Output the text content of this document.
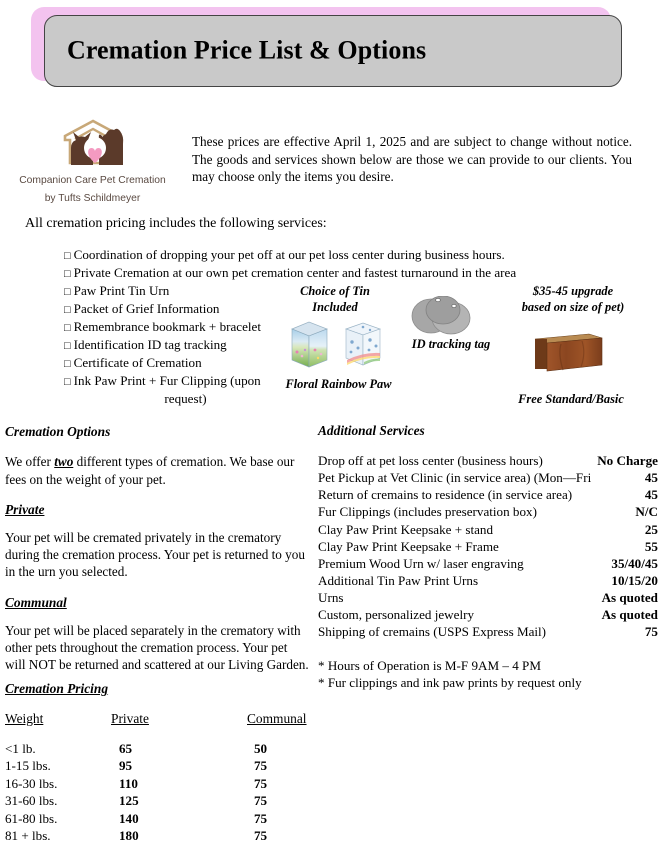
Cremation Price List & Options
Companion Care Pet Cremation
by Tufts Schildmeyer
These prices are effective April 1, 2025 and are subject to change without notice. The goods and services shown below are those we can provide to our clients. You may choose only the items you desire.
All cremation pricing includes the following services:
□ Coordination of dropping your pet off at our pet loss center during business hours.
□ Private Cremation at our own pet cremation center and fastest turnaround in the area
□ Paw Print Tin Urn
□ Packet of Grief Information
□ Remembrance bookmark + bracelet
□ Identification ID tag tracking
□ Certificate of Cremation
□ Ink Paw Print + Fur Clipping (upon
request)
Choice of Tin
Included
$35-45 upgrade
based on size of pet)
Floral Rainbow Paw
ID tracking tag
Free Standard/Basic
Cremation Options

We offer two different types of cremation. We base our fees on the weight of your pet.

Private

Your pet will be cremated privately in the crematory during the cremation process. Your pet is returned to you in the urn you selected.

Communal

Your pet will be placed separately in the crematory with other pets throughout the cremation process. Your pet will NOT be returned and scattered at our Living Garden.

Additional Services
Drop off at pet loss center (business hours)	No Charge
Pet Pickup at Vet Clinic (in service area) (Mon—Fri	45
Return of cremains to residence (in service area)	45
Fur Clippings (includes preservation box)	N/C
Clay Paw Print Keepsake + stand	25
Clay Paw Print Keepsake + Frame	55
Premium Wood Urn w/ laser engraving	35/40/45
Additional Tin Paw Print Urns	10/15/20
Urns	As quoted
Custom, personalized jewelry	As quoted
Shipping of cremains (USPS Express Mail)	75
* Hours of Operation is M-F 9AM – 4 PM
* Fur clippings and ink paw prints by request only
Cremation Pricing
Weight	Private	Communal
<1 lb.	65	50
1-15 lbs.	95	75
16-30 lbs.	110	75
31-60 lbs.	125	75
61-80 lbs.	140	75
81 + lbs.	180	75
